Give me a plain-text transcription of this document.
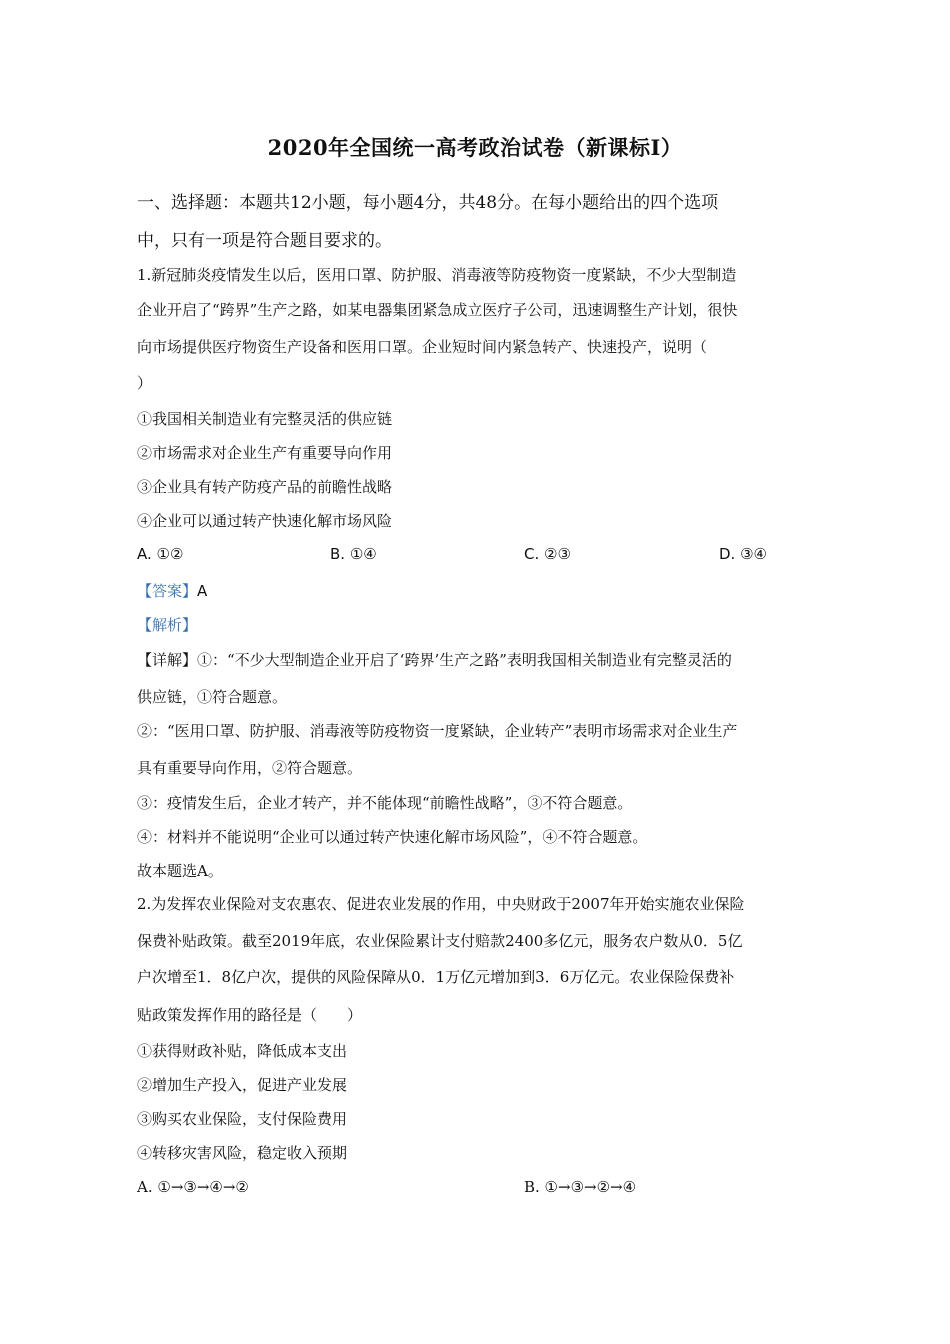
2020年全国统一高考政治试卷（新课标Ⅰ）
一、选择题：本题共12小题，每小题4分，共48分。在每小题给出的四个选项
中，只有一项是符合题目要求的。
1.新冠肺炎疫情发生以后，医用口罩、防护服、消毒液等防疫物资一度紧缺，不少大型制造
企业开启了“跨界”生产之路，如某电器集团紧急成立医疗子公司，迅速调整生产计划，很快
向市场提供医疗物资生产设备和医用口罩。企业短时间内紧急转产、快速投产，说明（
）
①我国相关制造业有完整灵活的供应链
②市场需求对企业生产有重要导向作用
③企业具有转产防疫产品的前瞻性战略
④企业可以通过转产快速化解市场风险
A. ①②	B. ①④	C. ②③	D. ③④
【答案】A
【解析】
【详解】①：“不少大型制造企业开启了‘跨界’生产之路”表明我国相关制造业有完整灵活的
供应链，①符合题意。
②：“医用口罩、防护服、消毒液等防疫物资一度紧缺，企业转产”表明市场需求对企业生产
具有重要导向作用，②符合题意。
③：疫情发生后，企业才转产，并不能体现“前瞻性战略”，③不符合题意。
④：材料并不能说明“企业可以通过转产快速化解市场风险”，④不符合题意。
故本题选A。
2.为发挥农业保险对支农惠农、促进农业发展的作用，中央财政于2007年开始实施农业保险
保费补贴政策。截至2019年底，农业保险累计支付赔款2400多亿元，服务农户数从0．5亿
户次增至1．8亿户次，提供的风险保障从0．1万亿元增加到3．6万亿元。农业保险保费补
贴政策发挥作用的路径是（　　）
①获得财政补贴，降低成本支出
②增加生产投入，促进产业发展
③购买农业保险，支付保险费用
④转移灾害风险，稳定收入预期
A. ①→③→④→②	B. ①→③→②→④
